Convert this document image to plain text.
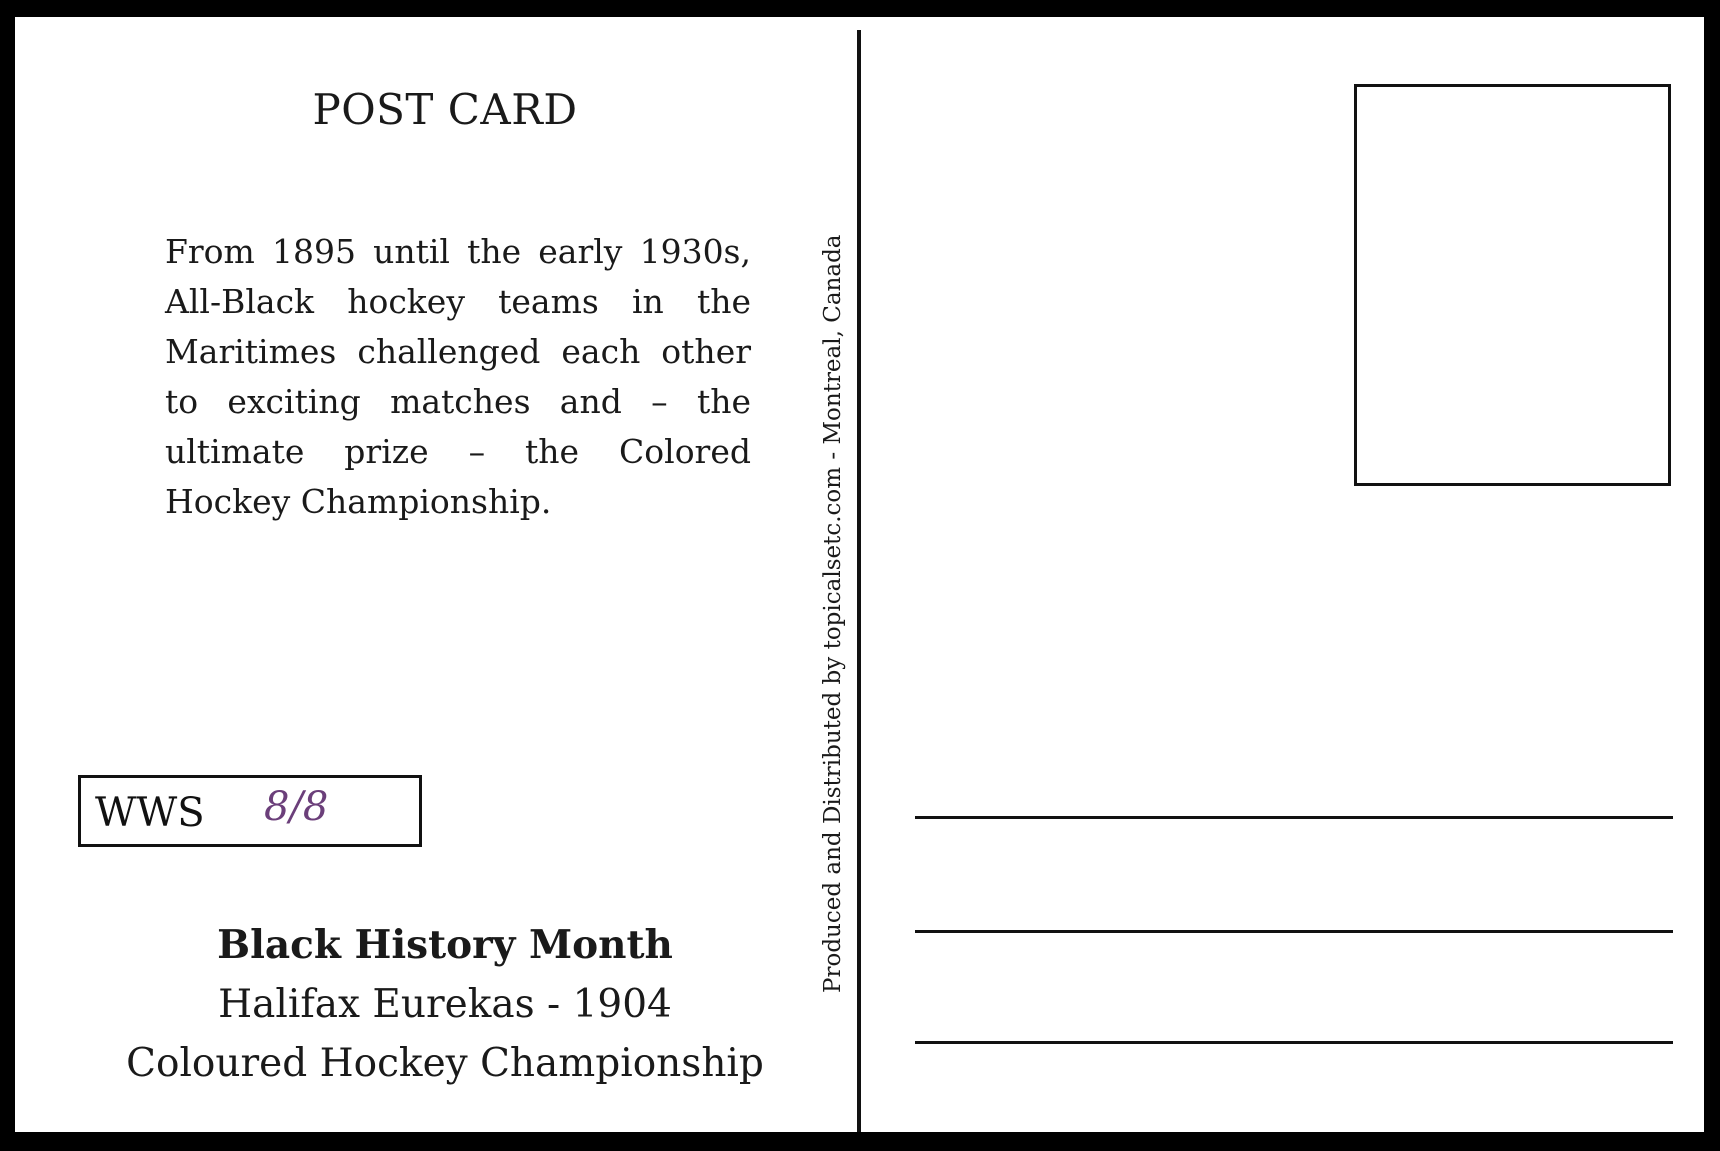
POST CARD
From 1895 until the early 1930s, All-Black hockey teams in the Maritimes challenged each other to exciting matches and – the ultimate prize – the Colored Hockey Championship.
WWS 8/8
Black History Month
Halifax Eurekas - 1904
Coloured Hockey Championship
Produced and Distributed by topicalsetc.com - Montreal, Canada
